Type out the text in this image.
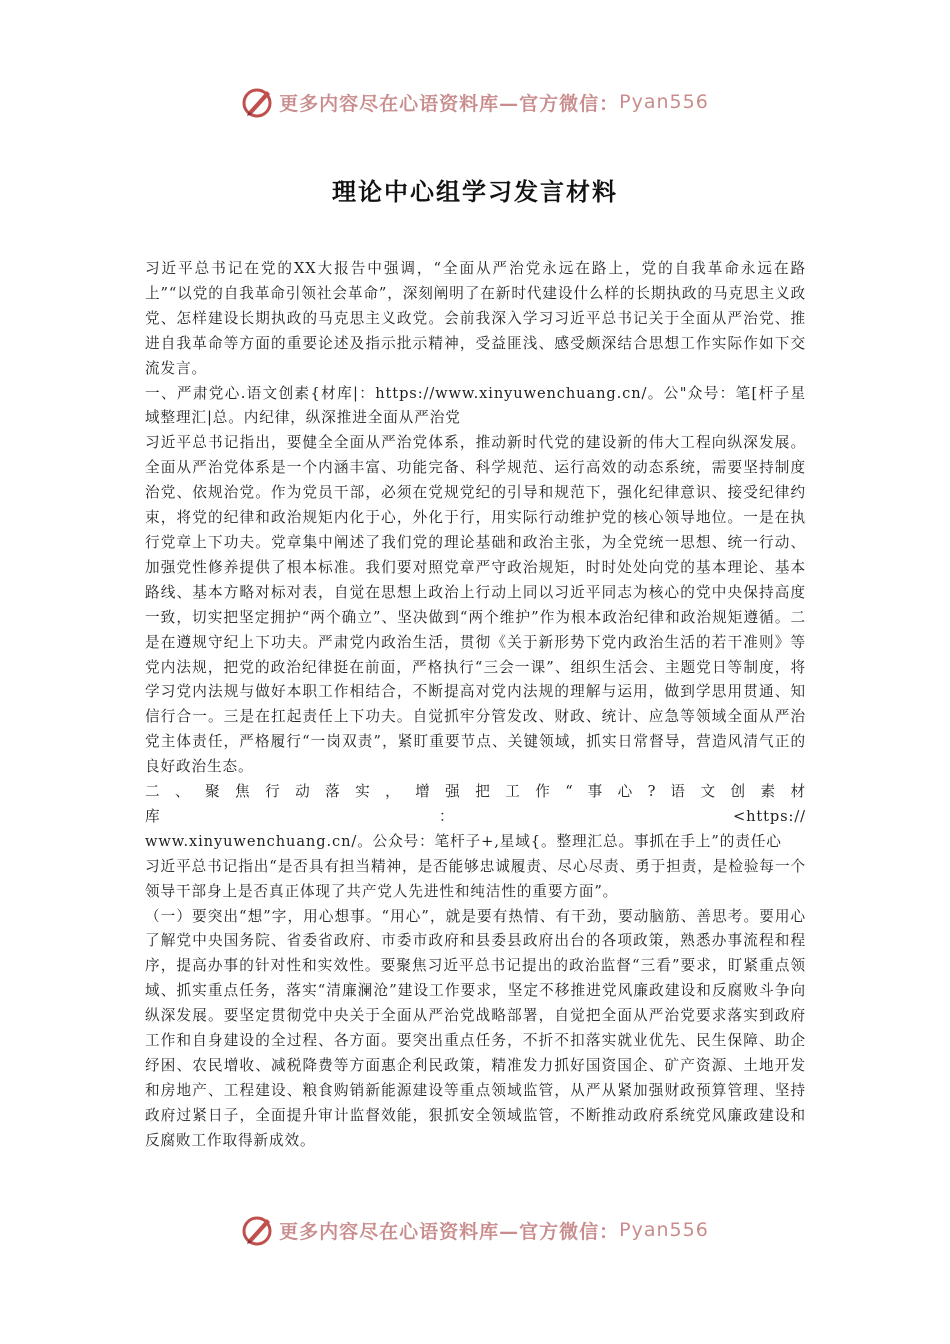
更多内容尽在心语资料库—官方微信： Pyan556
理论中心组学习发言材料

习近平总书记在党的XX大报告中强调，“全面从严治党永远在路上，党的自我革命永远在路上”“以党的自我革命引领社会革命”，深刻阐明了在新时代建设什么样的长期执政的马克思主义政党、怎样建设长期执政的马克思主义政党。会前我深入学习习近平总书记关于全面从严治党、推进自我革命等方面的重要论述及指示批示精神，受益匪浅、感受颇深结合思想工作实际作如下交流发言。

一、严肃党心.语文创素{材库|：https://www.xinyuwenchuang.cn/。公"众号：笔[杆子星域整理汇|总。内纪律，纵深推进全面从严治党

习近平总书记指出，要健全全面从严治党体系，推动新时代党的建设新的伟大工程向纵深发展。全面从严治党体系是一个内涵丰富、功能完备、科学规范、运行高效的动态系统，需要坚持制度治党、依规治党。作为党员干部，必须在党规党纪的引导和规范下，强化纪律意识、接受纪律约束，将党的纪律和政治规矩内化于心，外化于行，用实际行动维护党的核心领导地位。一是在执行党章上下功夫。党章集中阐述了我们党的理论基础和政治主张，为全党统一思想、统一行动、加强党性修养提供了根本标准。我们要对照党章严守政治规矩，时时处处向党的基本理论、基本路线、基本方略对标对表，自觉在思想上政治上行动上同以习近平同志为核心的党中央保持高度一致，切实把坚定拥护“两个确立”、坚决做到“两个维护”作为根本政治纪律和政治规矩遵循。二是在遵规守纪上下功夫。严肃党内政治生活，贯彻《关于新形势下党内政治生活的若干准则》等党内法规，把党的政治纪律挺在前面，严格执行“三会一课”、组织生活会、主题党日等制度，将学习党内法规与做好本职工作相结合，不断提高对党内法规的理解与运用，做到学思用贯通、知信行合一。三是在扛起责任上下功夫。自觉抓牢分管发改、财政、统计、应急等领域全面从严治党主体责任，严格履行“一岗双责”，紧盯重要节点、关键领域，抓实日常督导，营造风清气正的良好政治生态。

二 、 聚 焦 行 动 落 实 ， 增 强 把 工 作 “ 事 心 ? 语 文 创 素 材 库 ： <https://

www.xinyuwenchuang.cn/。公众号：笔杆子+,星域{。整理汇总。事抓在手上”的责任心

习近平总书记指出“是否具有担当精神，是否能够忠诚履责、尽心尽责、勇于担责，是检验每一个领导干部身上是否真正体现了共产党人先进性和纯洁性的重要方面”。

（一）要突出“想”字，用心想事。“用心”，就是要有热情、有干劲，要动脑筋、善思考。要用心了解党中央国务院、省委省政府、市委市政府和县委县政府出台的各项政策，熟悉办事流程和程序，提高办事的针对性和实效性。要聚焦习近平总书记提出的政治监督“三看”要求，盯紧重点领域、抓实重点任务，落实“清廉澜沧”建设工作要求，坚定不移推进党风廉政建设和反腐败斗争向纵深发展。要坚定贯彻党中央关于全面从严治党战略部署，自觉把全面从严治党要求落实到政府工作和自身建设的全过程、各方面。要突出重点任务，不折不扣落实就业优先、民生保障、助企纾困、农民增收、减税降费等方面惠企利民政策，精准发力抓好国资国企、矿产资源、土地开发和房地产、工程建设、粮食购销新能源建设等重点领域监管，从严从紧加强财政预算管理、坚持政府过紧日子，全面提升审计监督效能，狠抓安全领域监管，不断推动政府系统党风廉政建设和反腐败工作取得新成效。

更多内容尽在心语资料库—官方微信： Pyan556
